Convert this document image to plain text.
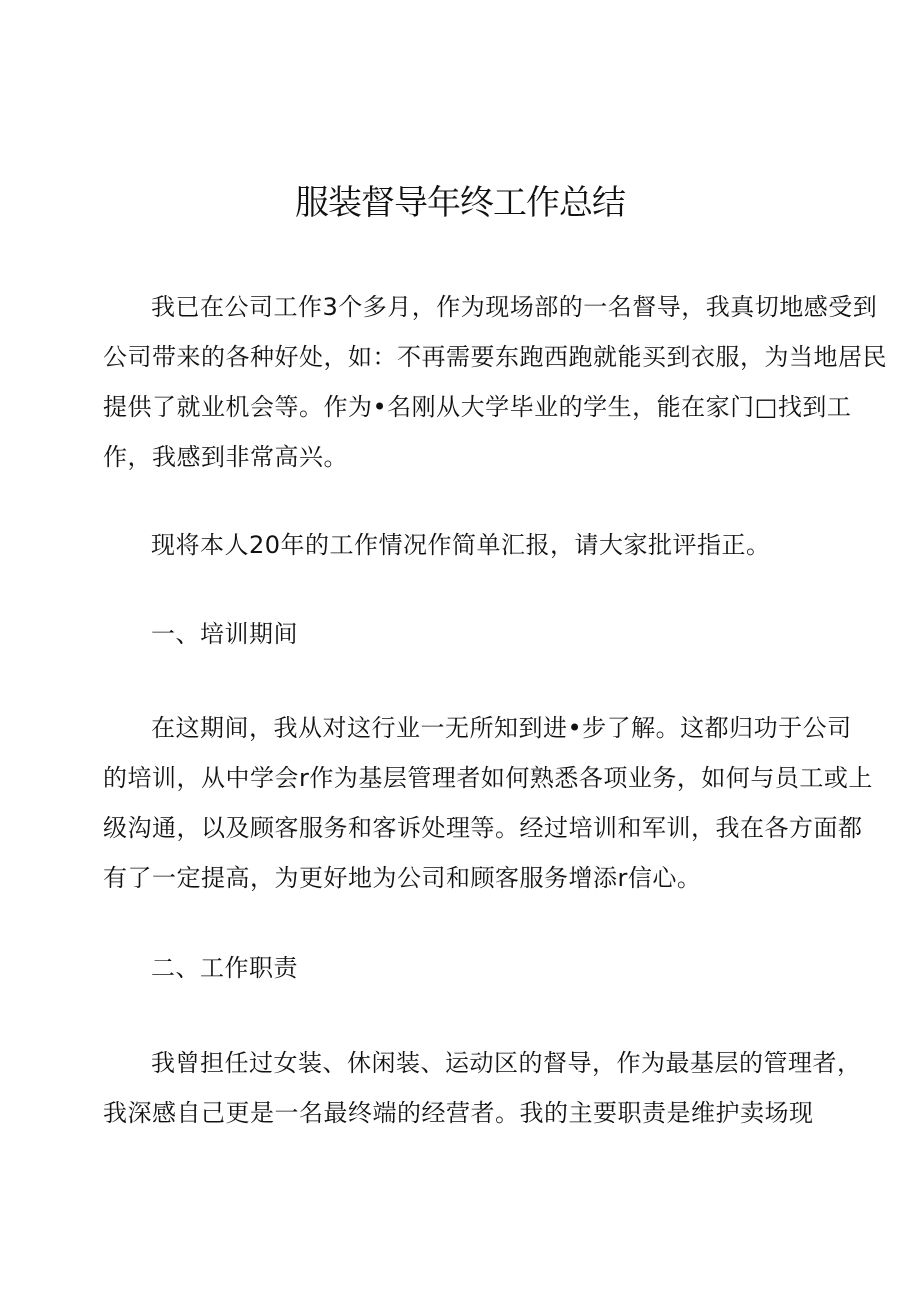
服装督导年终工作总结
我已在公司工作3个多月，作为现场部的一名督导，我真切地感受到
公司带来的各种好处，如：不再需要东跑西跑就能买到衣服，为当地居民
提供了就业机会等。作为•名刚从大学毕业的学生，能在家门□找到工
作，我感到非常高兴。
现将本人20年的工作情况作简单汇报，请大家批评指正。
一、培训期间
在这期间，我从对这行业一无所知到进•步了解。这都归功于公司
的培训，从中学会r作为基层管理者如何熟悉各项业务，如何与员工或上
级沟通，以及顾客服务和客诉处理等。经过培训和军训，我在各方面都
有了一定提高，为更好地为公司和顾客服务增添r信心。
二、工作职责
我曾担任过女装、休闲装、运动区的督导，作为最基层的管理者，
我深感自己更是一名最终端的经营者。我的主要职责是维护卖场现
